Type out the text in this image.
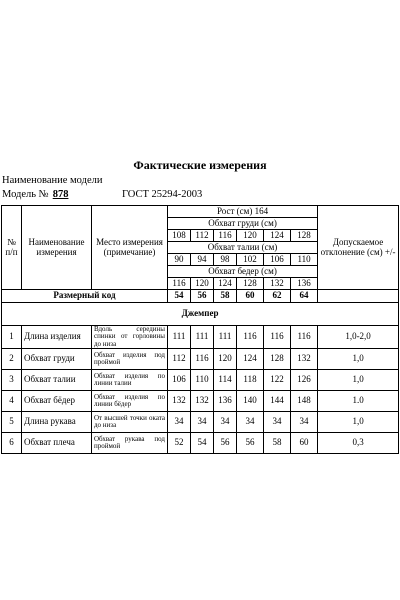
Фактические измерения
Наименование модели
Модель № 878	ГОСТ 25294-2003
№ п/п	Наименование измерения	Место измерения (примечание)	Рост (см) 164						Допускаемое отклонение (см) +/-
			Обхват груди (см)						
			108	112	116	120	124	128	
			Обхват талии (см)						
			90	94	98	102	106	110	
			Обхват бедер (см)						
			116	120	124	128	132	136	
Размерный код			54	56	58	60	62	64	
Джемпер									
1	Длина изделия	Вдоль середины спинки от горловины до низа	111	111	111	116	116	116	1,0-2,0
2	Обхват груди	Обхват изделия под проймой	112	116	120	124	128	132	1,0
3	Обхват талии	Обхват изделия по линии талии	106	110	114	118	122	126	1,0
4	Обхват бёдер	Обхват изделия по линии бёдер	132	132	136	140	144	148	1.0
5	Длина рукава	От высшей точки оката до низа	34	34	34	34	34	34	1,0
6	Обхват плеча	Обхват рукава под проймой	52	54	56	56	58	60	0,3
